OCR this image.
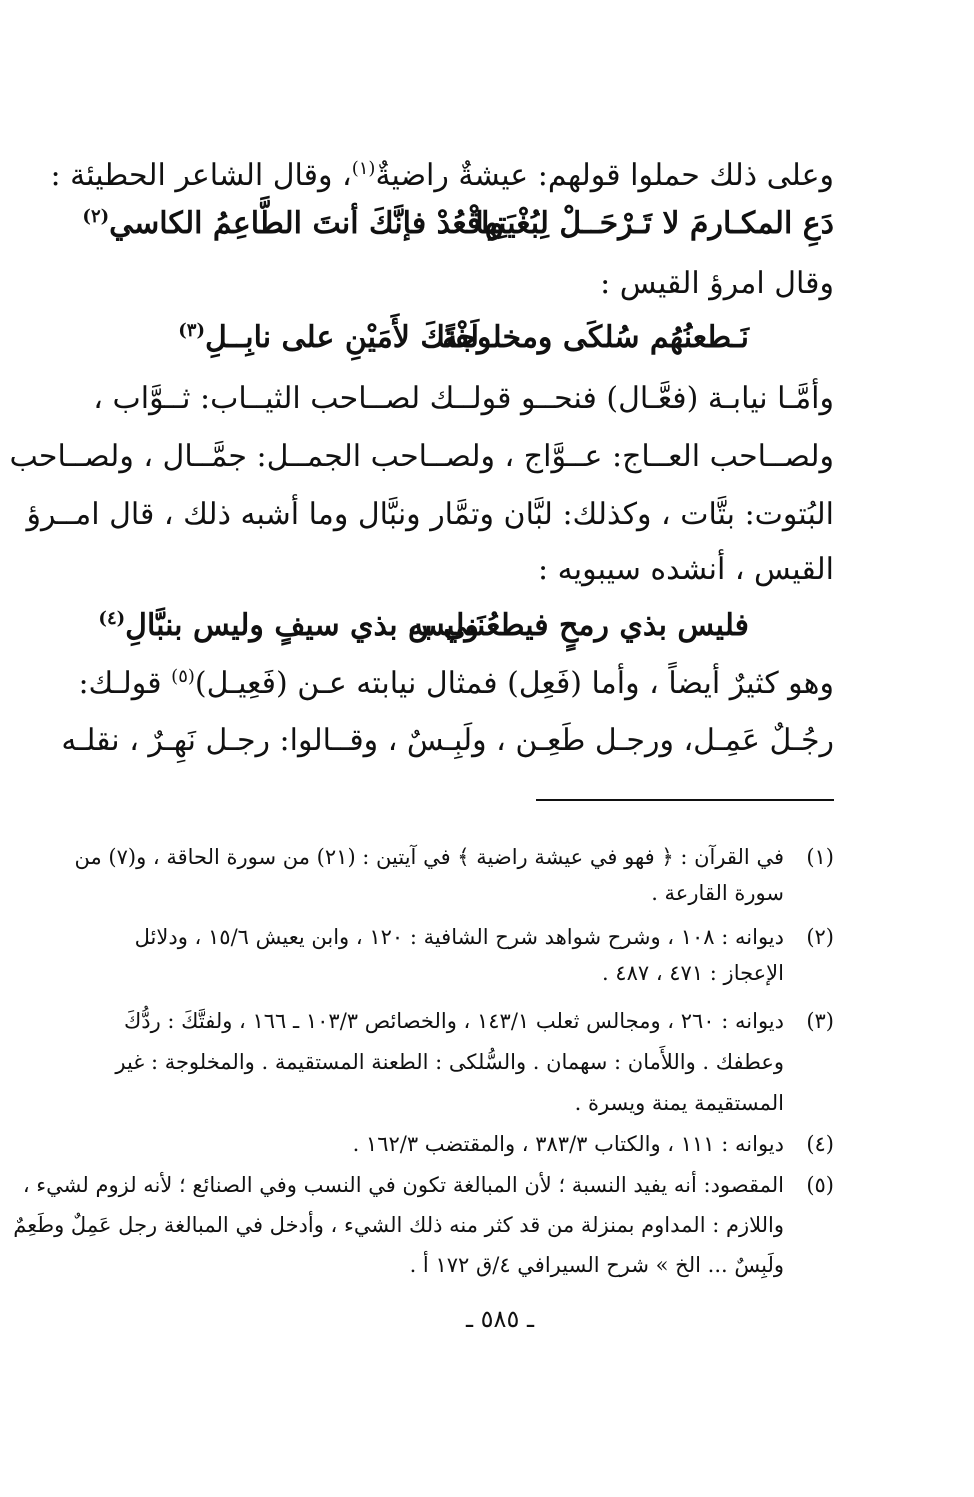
وعلى ذلك حملوا قولهم: عيشةٌ راضيةٌ$^{(١)}$، وقال الشاعر الحطيئة :
دَعِ المكـارمَ لا تَـرْحَــلْ لِبُغْيَتِها
واقْعُدْ فإنَّكَ أنتَ الطَّاعِمُ الكاسي$^{(٢)}$
وقال امرؤ القيس :
نَـطعنُهُم سُلكَى ومخلوجةً
لَفْتَكَ لأَمَيْنِ على نابِــلِ$^{(٣)}$
وأمَّـا نيابـة (فعَّـال) فنحــو قولــك لصــاحب الثيــاب: ثــوَّاب ،
ولصــاحب العــاج: عــوَّاج ، ولصــاحب الجمــل: جمَّــال ، ولصــاحب
البُتوت: بتَّات ، وكذلك: لبَّان وتمَّار ونبَّال وما أشبه ذلك ، قال امــرؤ
القيس ، أنشده سيبويه :
فليس بذي رمحٍ فيطعُنَني به
وليس بذي سيفٍ وليس بنبَّالِ$^{(٤)}$
وهو كثيرٌ أيضاً ، وأما (فَعِل) فمثال نيابته عـن (فَعِيـل)$^{(٥)}$ قولـك:
رجُـلٌ عَمِـل، ورجـل طَعِـن ، ولَبِـسٌ ، وقــالوا: رجـل نَهِـرٌ ، نقلـه
(١)
في القرآن : ﴿ فهو في عيشة راضية ﴾ في آيتين : (٢١) من سورة الحاقة ، و(٧) من
سورة القارعة .
(٢)
ديوانه : ١٠٨ ، وشرح شواهد شرح الشافية : ١٢٠ ، وابن يعيش ١٥/٦ ، ودلائل
الإعجاز : ٤٧١ ، ٤٨٧ .
(٣)
ديوانه : ٢٦٠ ، ومجالس ثعلب ١٤٣/١ ، والخصائص ١٠٣/٣ ـ ١٦٦ ، ولفتَّكَ : ردُّكَ
وعطفك . واللأَمان : سهمان . والسُّلكى : الطعنة المستقيمة . والمخلوجة : غير
المستقيمة يمنة ويسرة .
(٤)
ديوانه : ١١١ ، والكتاب ٣٨٣/٣ ، والمقتضب ١٦٢/٣ .
(٥)
المقصود: أنه يفيد النسبة ؛ لأن المبالغة تكون في النسب وفي الصنائع ؛ لأنه لزوم لشيء ،
واللازم : المداوم بمنزلة من قد كثر منه ذلك الشيء ، وأدخل في المبالغة رجل عَمِلٌ وطَعِمٌ
ولَبِسٌ ... الخ » شرح السيرافي ٤/ق ١٧٢ أ .
ـ ٥٨٥ ـ
